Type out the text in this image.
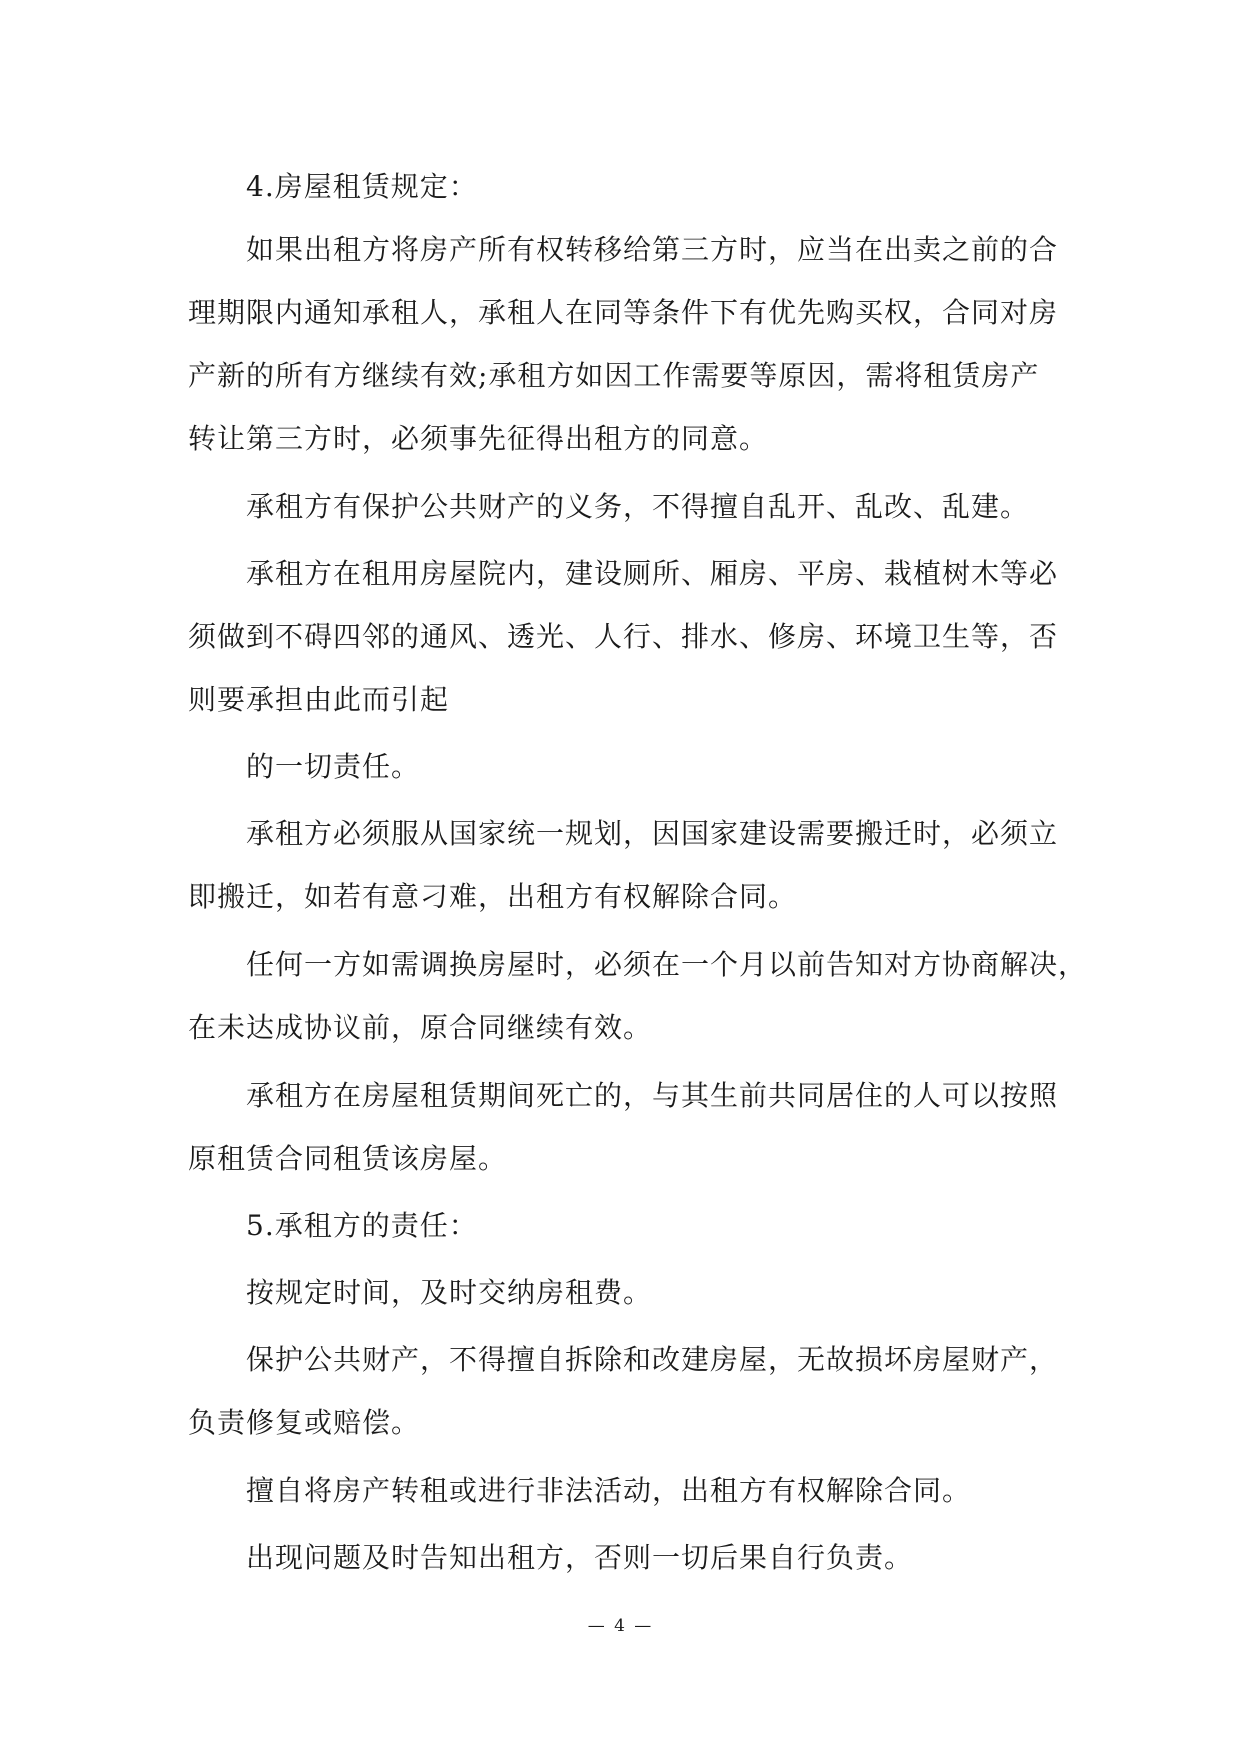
4.房屋租赁规定：
如果出租方将房产所有权转移给第三方时，应当在出卖之前的合
理期限内通知承租人，承租人在同等条件下有优先购买权，合同对房
产新的所有方继续有效;承租方如因工作需要等原因，需将租赁房产
转让第三方时，必须事先征得出租方的同意。
承租方有保护公共财产的义务，不得擅自乱开、乱改、乱建。
承租方在租用房屋院内，建设厕所、厢房、平房、栽植树木等必
须做到不碍四邻的通风、透光、人行、排水、修房、环境卫生等，否
则要承担由此而引起
的一切责任。
承租方必须服从国家统一规划，因国家建设需要搬迁时，必须立
即搬迁，如若有意刁难，出租方有权解除合同。
任何一方如需调换房屋时，必须在一个月以前告知对方协商解决，
在未达成协议前，原合同继续有效。
承租方在房屋租赁期间死亡的，与其生前共同居住的人可以按照
原租赁合同租赁该房屋。
5.承租方的责任：
按规定时间，及时交纳房租费。
保护公共财产，不得擅自拆除和改建房屋，无故损坏房屋财产，
负责修复或赔偿。
擅自将房产转租或进行非法活动，出租方有权解除合同。
出现问题及时告知出租方，否则一切后果自行负责。
— 4 —
